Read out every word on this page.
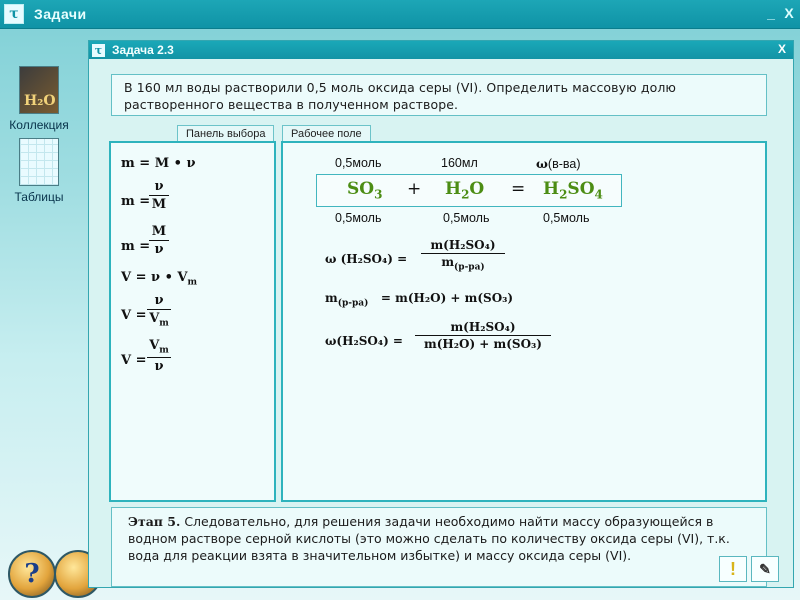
τ	Задачи	_ X
H₂O
Коллекция
Таблицы
?
τ Задача 2.3	X
В 160 мл воды растворили 0,5 моль оксида серы (VI). Определить массовую долю растворенного вещества в полученном растворе.
Панель выбора	Рабочее поле
m = M • ν
m =
$\frac{\nu}{M}$
m =
$\frac{M}{\nu}$
V = ν • $V_m$
$V = \frac{\nu}{V_m}$
$V = \frac{V_m}{\nu}$
0,5моль	160мл	ω(в-ва)
$SO_3 + H_2O = H_2SO_4$
0,5моль	0,5моль	0,5моль
ω (H₂SO₄) =
m(H₂SO₄)
$m_{(р-ра)}$
$m_{(р-ра)} = m(H_2O) + m(SO_3)$
$\omega(H_2SO_4) = \frac{\text{m(H₂SO₄)}}{\text{m(H₂O) + m(SO₃)}}$
Этап 5. Следовательно, для решения задачи необходимо найти массу образующейся в водном растворе серной кислоты (это можно сделать по количеству оксида серы (VI), т.к. вода для реакции взята в значительном избытке) и массу оксида серы (VI).
!	✎
